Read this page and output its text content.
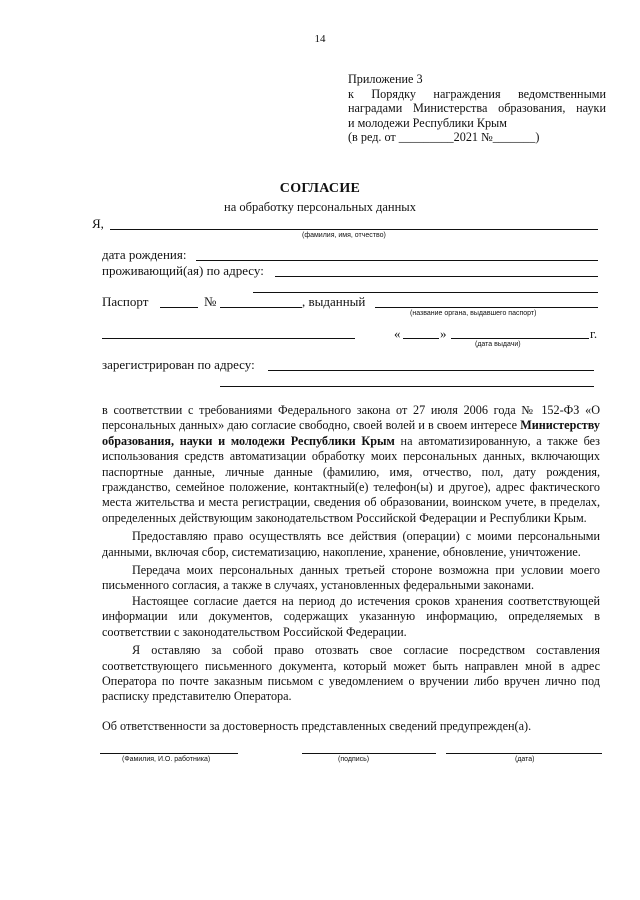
14
Приложение 3
к Порядку награждения ведомственными
наградами Министерства образования, науки
и молодежи Республики Крым
(в ред. от _________2021 №_______)
СОГЛАСИЕ
на обработку персональных данных
Я,
(фамилия, имя, отчество)
дата рождения:
проживающий(ая) по адресу:
Паспорт	№	, выданный
(название органа, выдавшего паспорт)
«	»	г.
(дата выдачи)
зарегистрирован по адресу:

в соответствии с требованиями Федерального закона от 27 июля 2006 года № 152-ФЗ «О персональных данных» даю согласие свободно, своей волей и в своем интересе Министерству образования, науки и молодежи Республики Крым на автоматизированную, а также без использования средств автоматизации обработку моих персональных данных, включающих паспортные данные, личные данные (фамилию, имя, отчество, пол, дату рождения, гражданство, семейное положение, контактный(е) телефон(ы) и другое), адрес фактического места жительства и места регистрации, сведения об образовании, воинском учете, в пределах, определенных действующим законодательством Российской Федерации и Республики Крым.

Предоставляю право осуществлять все действия (операции) с моими персональными данными, включая сбор, систематизацию, накопление, хранение, обновление, уничтожение.

Передача моих персональных данных третьей стороне возможна при условии моего письменного согласия, а также в случаях, установленных федеральными законами.

Настоящее согласие дается на период до истечения сроков хранения соответствующей информации или документов, содержащих указанную информацию, определяемых в соответствии с законодательством Российской Федерации.

Я оставляю за собой право отозвать свое согласие посредством составления соответствующего письменного документа, который может быть направлен мной в адрес Оператора по почте заказным письмом с уведомлением о вручении либо вручен лично под расписку представителю Оператора.

Об ответственности за достоверность представленных сведений предупрежден(а).
(Фамилия, И.О. работника)	(подпись)	(дата)
